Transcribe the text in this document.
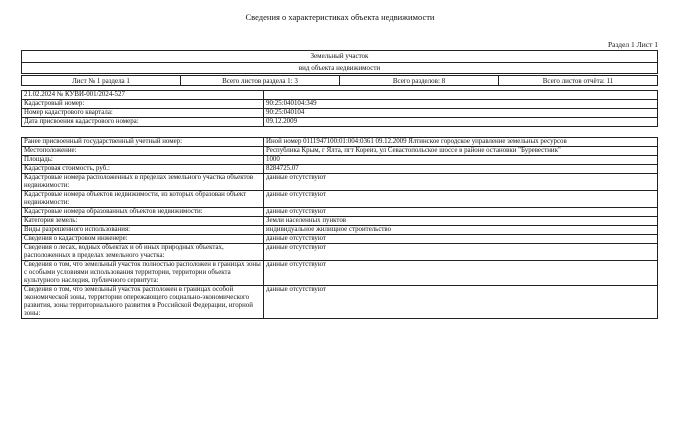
Сведения о характеристиках объекта недвижимости
Раздел 1 Лист 1
Земельный участок
вид объекта недвижимости
Лист № 1 раздела 1	Всего листов раздела 1: 3	Всего разделов: 8	Всего листов отчёта: 11
21.02.2024 № КУВИ-001/2024-527	
Кадастровый номер:	90:25:040104:349
Номер кадастрового квартала:	90:25:040104
Дата присвоения кадастрового номера:	09.12.2009
Ранее присвоенный государственный учетный номер:	Иной номер 0111947100:01:004:0361 09.12.2009 Ялтинское городское управление земельных ресурсов
Местоположение:	Республика Крым, г Ялта, пгт Кореиз, ул Севастопольское шоссе в районе остановки "Буревестник"
Площадь:	1000
Кадастровая стоимость, руб.:	8284725.07
Кадастровые номера расположенных в пределах земельного участка объектов недвижимости:	данные отсутствуют
Кадастровые номера объектов недвижимости, из которых образован объект недвижимости:	данные отсутствуют
Кадастровые номера образованных объектов недвижимости:	данные отсутствуют
Категория земель:	Земли населенных пунктов
Виды разрешенного использования:	индивидуальное жилищное строительство
Сведения о кадастровом инженере:	данные отсутствуют
Сведения о лесах, водных объектах и об иных природных объектах, расположенных в пределах земельного участка:	данные отсутствуют
Сведения о том, что земельный участок полностью расположен в границах зоны с особыми условиями использования территории, территории объекта культурного наследия, публичного сервитута:	данные отсутствуют
Сведения о том, что земельный участок расположен в границах особой экономической зоны, территории опережающего социально-экономического развития, зоны территориального развития в Российской Федерации, игорной зоны:	данные отсутствуют
